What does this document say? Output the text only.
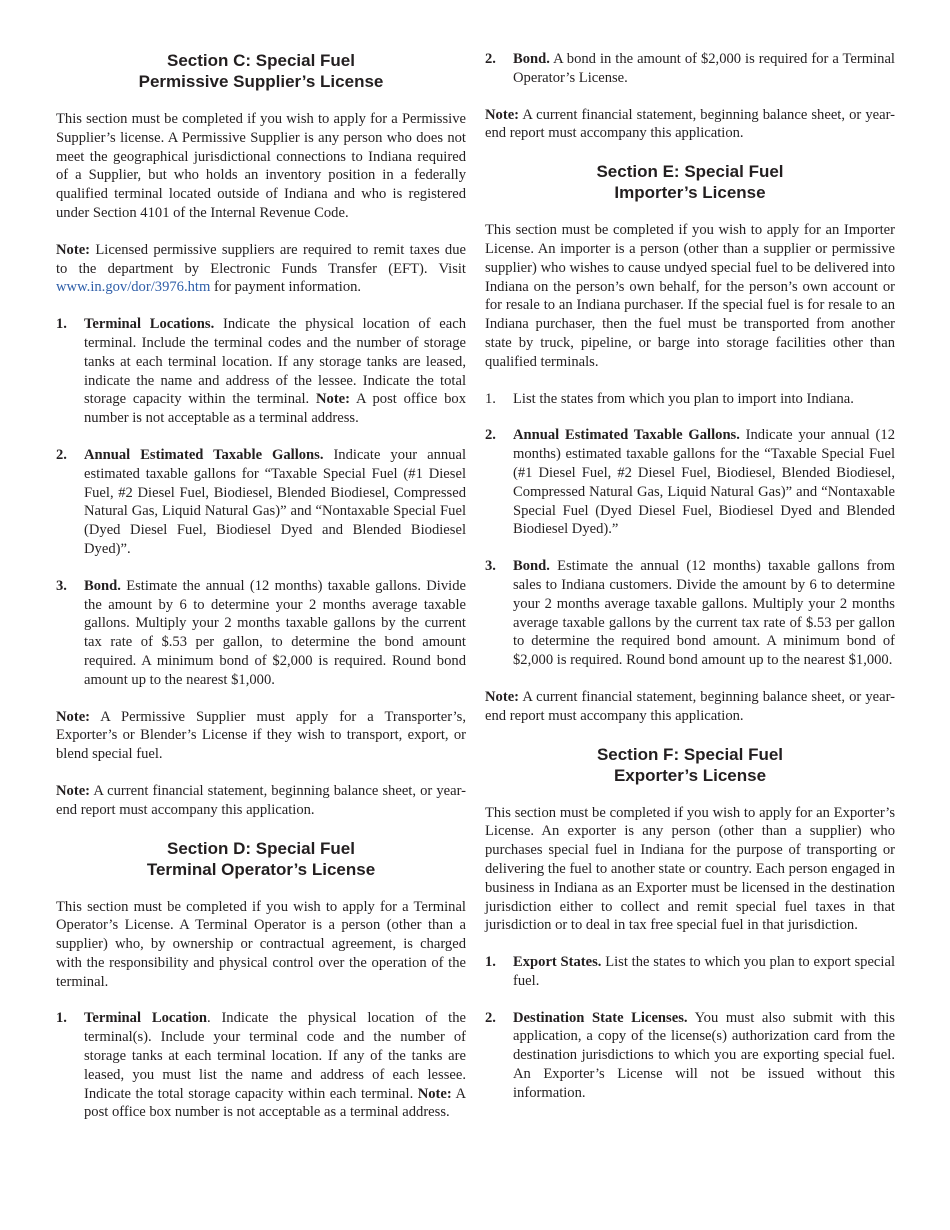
Section C: Special Fuel
Permissive Supplier’s License

This section must be completed if you wish to apply for a Permissive Supplier’s license. A Permissive Supplier is any person who does not meet the geographical jurisdictional connections to Indiana required of a Supplier, but who holds an inventory position in a federally qualified terminal located outside of Indiana and who is registered under Section 4101 of the Internal Revenue Code.

Note: Licensed permissive suppliers are required to remit taxes due to the department by Electronic Funds Transfer (EFT). Visit www.in.gov/dor/3976.htm for payment information.

1. Terminal Locations. Indicate the physical location of each terminal. Include the terminal codes and the number of storage tanks at each terminal location. If any storage tanks are leased, indicate the name and address of the lessee. Indicate the total storage capacity within the terminal. Note: A post office box number is not acceptable as a terminal address.
2. Annual Estimated Taxable Gallons. Indicate your annual estimated taxable gallons for “Taxable Special Fuel (#1 Diesel Fuel, #2 Diesel Fuel, Biodiesel, Blended Biodiesel, Compressed Natural Gas, Liquid Natural Gas)” and “Nontaxable Special Fuel (Dyed Diesel Fuel, Biodiesel Dyed and Blended Biodiesel Dyed)”.
3. Bond. Estimate the annual (12 months) taxable gallons. Divide the amount by 6 to determine your 2 months average taxable gallons. Multiply your 2 months taxable gallons by the current tax rate of $.53 per gallon, to determine the bond amount required. A minimum bond of $2,000 is required. Round bond amount up to the nearest $1,000.

Note: A Permissive Supplier must apply for a Transporter’s, Exporter’s or Blender’s License if they wish to transport, export, or blend special fuel.

Note: A current financial statement, beginning balance sheet, or year-end report must accompany this application.

Section D: Special Fuel
Terminal Operator’s License

This section must be completed if you wish to apply for a Terminal Operator’s License. A Terminal Operator is a person (other than a supplier) who, by ownership or contractual agreement, is charged with the responsibility and physical control over the operation of the terminal.

1. Terminal Location. Indicate the physical location of the terminal(s). Include your terminal code and the number of storage tanks at each terminal location. If any of the tanks are leased, you must list the name and address of each lessee. Indicate the total storage capacity within each terminal. Note: A post office box number is not acceptable as a terminal address.
2. Bond. A bond in the amount of $2,000 is required for a Terminal Operator’s License.

Note: A current financial statement, beginning balance sheet, or year-end report must accompany this application.

Section E: Special Fuel
Importer’s License

This section must be completed if you wish to apply for an Importer License. An importer is a person (other than a supplier or permissive supplier) who wishes to cause undyed special fuel to be delivered into Indiana on the person’s own behalf, for the person’s own account or for resale to an Indiana purchaser. If the special fuel is for resale to an Indiana purchaser, then the fuel must be transported from another state by truck, pipeline, or barge into storage facilities other than qualified terminals.

1. List the states from which you plan to import into Indiana.
2. Annual Estimated Taxable Gallons. Indicate your annual (12 months) estimated taxable gallons for the “Taxable Special Fuel (#1 Diesel Fuel, #2 Diesel Fuel, Biodiesel, Blended Biodiesel, Compressed Natural Gas, Liquid Natural Gas)” and “Nontaxable Special Fuel (Dyed Diesel Fuel, Biodiesel Dyed and Blended Biodiesel Dyed).”
3. Bond. Estimate the annual (12 months) taxable gallons from sales to Indiana customers. Divide the amount by 6 to determine your 2 months average taxable gallons. Multiply your 2 months average taxable gallons by the current tax rate of $.53 per gallon to determine the required bond amount. A minimum bond of $2,000 is required. Round bond amount up to the nearest $1,000.

Note: A current financial statement, beginning balance sheet, or year-end report must accompany this application.

Section F: Special Fuel
Exporter’s License

This section must be completed if you wish to apply for an Exporter’s License. An exporter is any person (other than a supplier) who purchases special fuel in Indiana for the purpose of transporting or delivering the fuel to another state or country. Each person engaged in business in Indiana as an Exporter must be licensed in the destination jurisdiction either to collect and remit special fuel taxes in that jurisdiction or to deal in tax free special fuel in that jurisdiction.

1. Export States. List the states to which you plan to export special fuel.
2. Destination State Licenses. You must also submit with this application, a copy of the license(s) authorization card from the destination jurisdictions to which you are exporting special fuel. An Exporter’s License will not be issued without this information.
